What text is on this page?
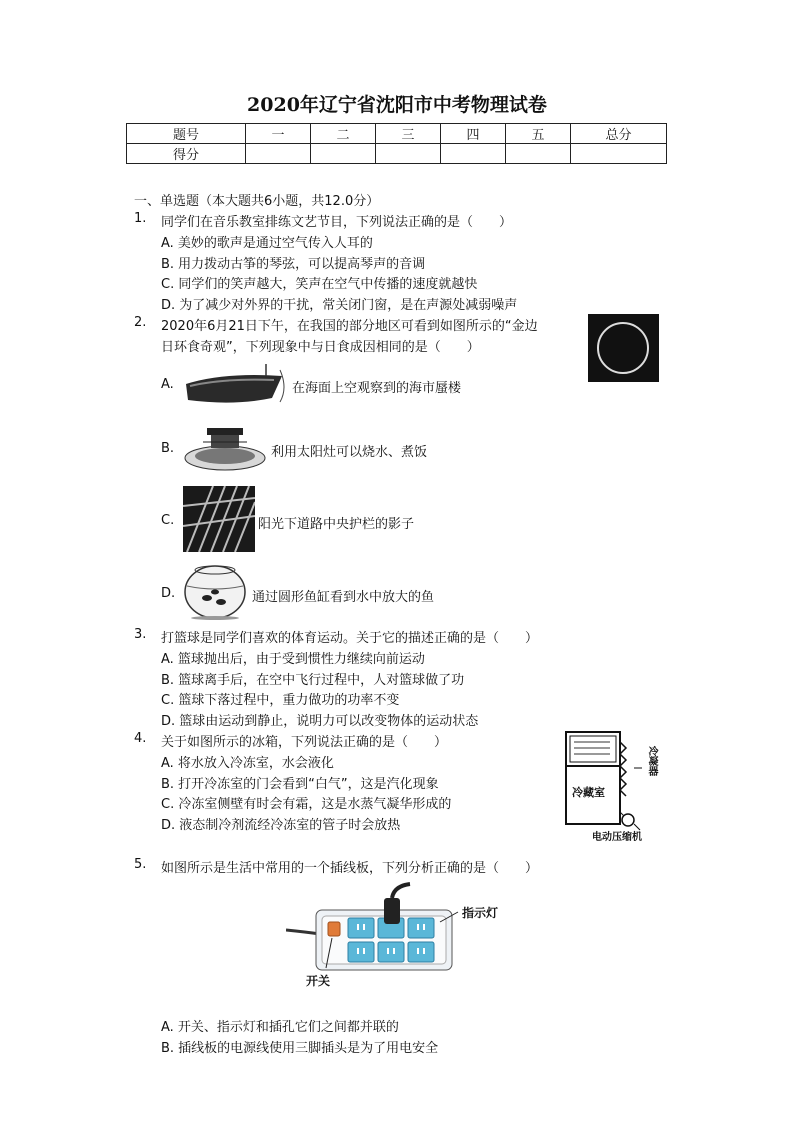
2020年辽宁省沈阳市中考物理试卷
题号	一	二	三	四	五	总分
得分						
一、单选题（本大题共6小题，共12.0分）
1. 同学们在音乐教室排练文艺节目，下列说法正确的是（　　）
A. 美妙的歌声是通过空气传入人耳的
B. 用力拨动古筝的琴弦，可以提高琴声的音调
C. 同学们的笑声越大，笑声在空气中传播的速度就越快
D. 为了减少对外界的干扰，常关闭门窗，是在声源处减弱噪声
2. 2020年6月21日下午，在我国的部分地区可看到如图所示的“金边
日环食奇观”，下列现象中与日食成因相同的是（　　）
A.	在海面上空观察到的海市蜃楼
B.	利用太阳灶可以烧水、煮饭
C.	阳光下道路中央护栏的影子
D.	通过圆形鱼缸看到水中放大的鱼
3. 打篮球是同学们喜欢的体育运动。关于它的描述正确的是（　　）
A. 篮球抛出后，由于受到惯性力继续向前运动
B. 篮球离手后，在空中飞行过程中，人对篮球做了功
C. 篮球下落过程中，重力做功的功率不变
D. 篮球由运动到静止，说明力可以改变物体的运动状态
4. 关于如图所示的冰箱，下列说法正确的是（　　）
A. 将水放入冷冻室，水会液化
B. 打开冷冻室的门会看到“白气”，这是汽化现象
C. 冷冻室侧壁有时会有霜，这是水蒸气凝华形成的
D. 液态制冷剂流经冷冻室的管子时会放热
冷藏室
冷凝器
电动压缩机
5. 如图所示是生活中常用的一个插线板，下列分析正确的是（　　）
指示灯
开关
A. 开关、指示灯和插孔它们之间都并联的
B. 插线板的电源线使用三脚插头是为了用电安全
